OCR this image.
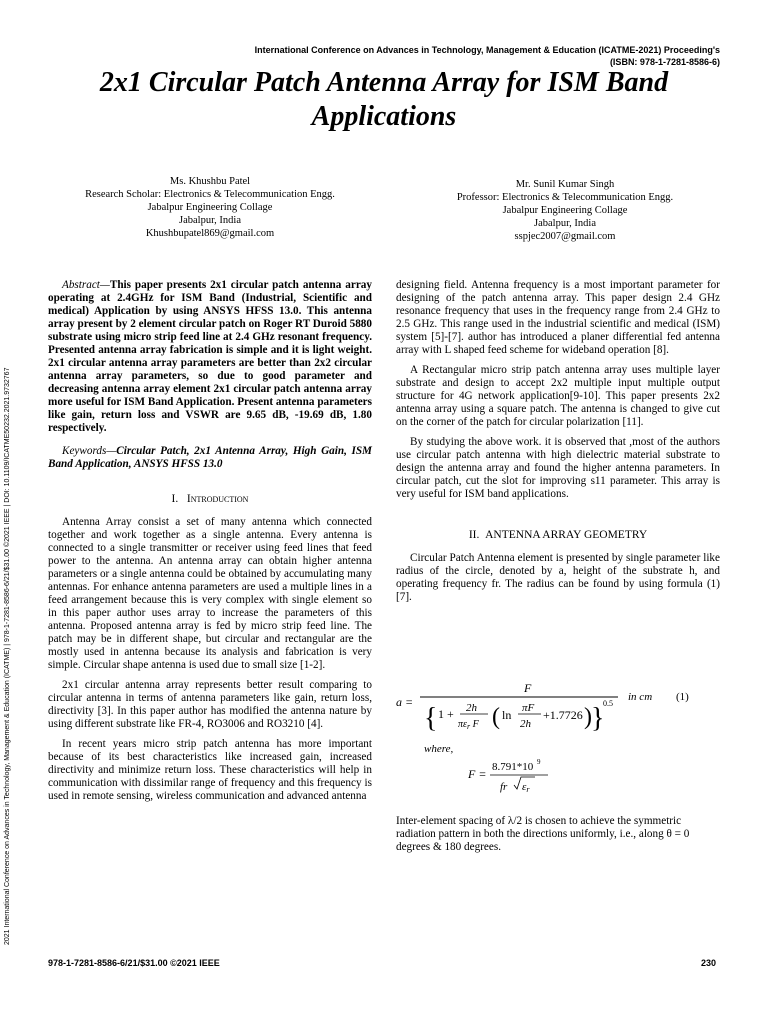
International Conference on Advances in Technology, Management & Education (ICATME-2021) Proceeding's
(ISBN: 978-1-7281-8586-6)
2x1 Circular Patch Antenna Array for ISM Band
Applications
Ms. Khushbu Patel
Research Scholar: Electronics & Telecommunication Engg.
Jabalpur Engineering Collage
Jabalpur, India
Khushbupatel869@gmail.com
Mr. Sunil Kumar Singh
Professor: Electronics & Telecommunication Engg.
Jabalpur Engineering Collage
Jabalpur, India
sspjec2007@gmail.com
2021 International Conference on Advances in Technology, Management & Education (ICATME) | 978-1-7281-8586-6/21/$31.00 ©2021 IEEE | DOI: 10.1109/ICATME50232.2021.9732767

Abstract—This paper presents 2x1 circular patch antenna array operating at 2.4GHz for ISM Band (Industrial, Scientific and medical) Application by using ANSYS HFSS 13.0. This antenna array present by 2 element circular patch on Roger RT Duroid 5880 substrate using micro strip feed line at 2.4 GHz resonant frequency. Presented antenna array fabrication is simple and it is light weight. 2x1 circular antenna array parameters are better than 2x2 circular antenna array parameters, so due to good parameter and decreasing antenna array element 2x1 circular patch antenna array more useful for ISM Band Application. Present antenna parameters like gain, return loss and VSWR are 9.65 dB, -19.69 dB, 1.80 respectively.

Keywords—Circular Patch, 2x1 Antenna Array, High Gain, ISM Band Application, ANSYS HFSS 13.0

I. Introduction

Antenna Array consist a set of many antenna which connected together and work together as a single antenna. Every antenna is connected to a single transmitter or receiver using feed lines that feed power to the antenna. An antenna array can obtain higher antenna parameters or a single antenna could be obtained by accumulating many antennas. For enhance antenna parameters are used a multiple lines in a feed arrangement because this is very complex with single element so in this paper author uses array to increase the parameters of this antenna. Proposed antenna array is fed by micro strip feed line. The patch may be in different shape, but circular and rectangular are the mostly used in antenna because its analysis and fabrication is very simple. Circular shape antenna is used due to small size [1-2].

2x1 circular antenna array represents better result comparing to circular antenna in terms of antenna parameters like gain, return loss, directivity [3]. In this paper author has modified the antenna nature by using different substrate like FR-4, RO3006 and RO3210 [4].

In recent years micro strip patch antenna has more important because of its best characteristics like increased gain, increased directivity and minimize return loss. These characteristics will help in communication with dissimilar range of frequency and this frequency is used in remote sensing, wireless communication and advanced antenna

designing field. Antenna frequency is a most important parameter for designing of the patch antenna array. This paper design 2.4 GHz resonance frequency that uses in the frequency range from 2.4 GHz to 2.5 GHz. This range used in the industrial scientific and medical (ISM) system [5]-[7]. author has introduced a planer differential fed antenna array with L shaped feed scheme for wideband operation [8].

A Rectangular micro strip patch antenna array uses multiple layer substrate and design to accept 2x2 multiple input multiple output structure for 4G network application[9-10]. This paper presents 2x2 antenna array using a square patch. The antenna is changed to give cut on the corner of the patch for circular polarization [11].

By studying the above work. it is observed that ,most of the authors use circular patch antenna with high dielectric material substrate to design the antenna array and found the higher antenna parameters. In circular patch, cut the slot for improving s11 parameter. This array is very useful for ISM band applications.

II. ANTENNA ARRAY GEOMETRY

Circular Patch Antenna element is presented by single parameter like radius of the circle, denoted by a, height of the substrate h, and operating frequency fr. The radius can be found by using formula (1) [7].

a =
F
{ 1 + 2h
$\pi\varepsilon_r$ F ( ln πF
2h
+1.7726 ) }
0.5
in cm (1)
where,
F = 8.791*10 9
fr εr

Inter-element spacing of λ/2 is chosen to achieve the symmetric radiation pattern in both the directions uniformly, i.e., along θ = 0 degrees & 180 degrees.

978-1-7281-8586-6/21/$31.00 ©2021 IEEE	230
